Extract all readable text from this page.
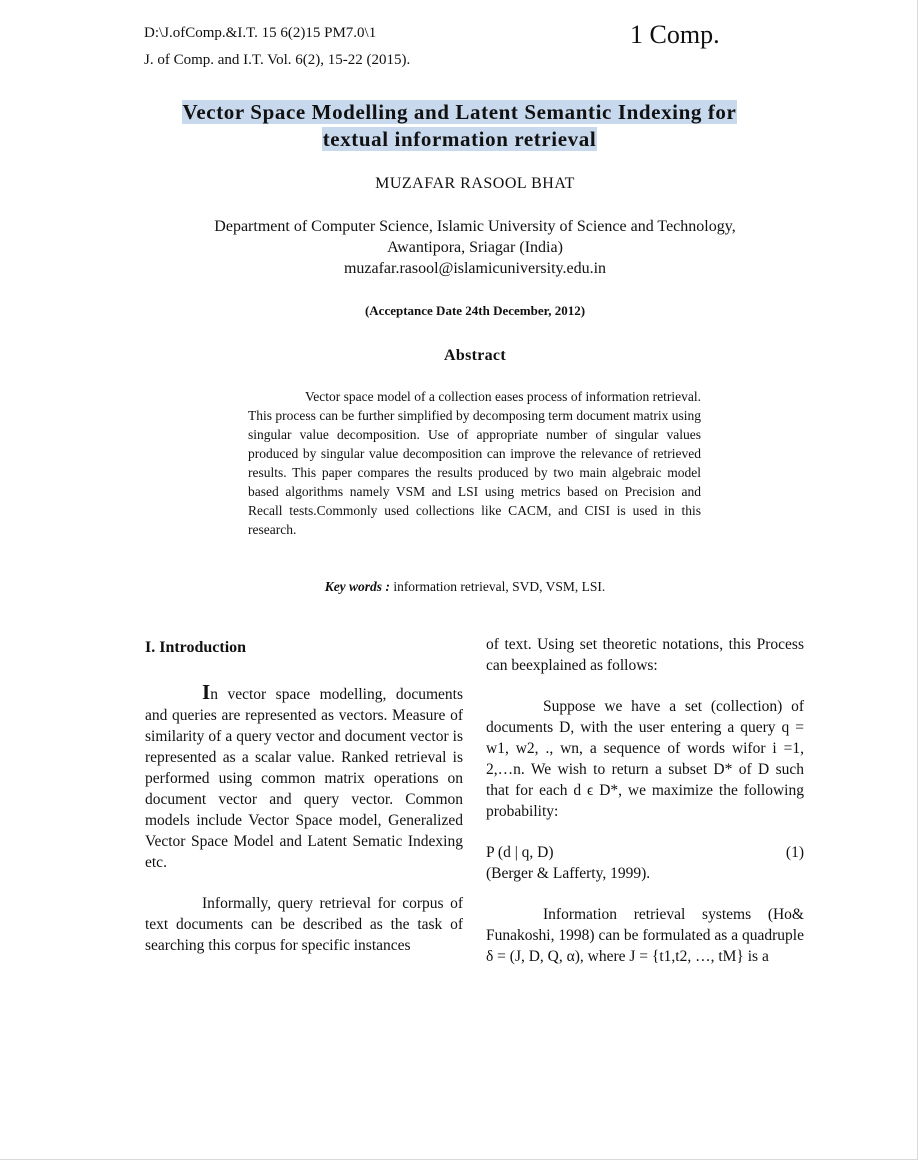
D:\J.ofComp.&I.T. 15 6(2)15 PM7.0\1
J. of Comp. and I.T. Vol. 6(2), 15-22 (2015).
1 Comp.
Vector Space Modelling and Latent Semantic Indexing for
textual information retrieval
MUZAFAR RASOOL BHAT
Department of Computer Science, Islamic University of Science and Technology,
Awantipora, Sriagar (India)
muzafar.rasool@islamicuniversity.edu.in
(Acceptance Date 24th December, 2012)
Abstract
Vector space model of a collection eases process of information retrieval. This process can be further simplified by decomposing term document matrix using singular value decomposition. Use of appropriate number of singular values produced by singular value decomposition can improve the relevance of retrieved results. This paper compares the results produced by two main algebraic model based algorithms namely VSM and LSI using metrics based on Precision and Recall tests.Commonly used collections like CACM, and CISI is used in this research.
Key words : information retrieval, SVD, VSM, LSI.
I. Introduction

In vector space modelling, documents and queries are represented as vectors. Measure of similarity of a query vector and document vector is represented as a scalar value. Ranked retrieval is performed using common matrix operations on document vector and query vector. Common models include Vector Space model, Generalized Vector Space Model and Latent Sematic Indexing etc.

Informally, query retrieval for corpus of text documents can be described as the task of searching this corpus for specific instances

of text. Using set theoretic notations, this Process can beexplained as follows:

Suppose we have a set (collection) of documents D, with the user entering a query q = w1, w2, ., wn, a sequence of words wifor i =1, 2,…n. We wish to return a subset D* of D such that for each d ϵ D*, we maximize the following probability:

P (d | q, D)	(1)

(Berger & Lafferty, 1999).

Information retrieval systems (Ho& Funakoshi, 1998) can be formulated as a quadruple δ = (J, D, Q, α), where J = {t1,t2, …, tM} is a
